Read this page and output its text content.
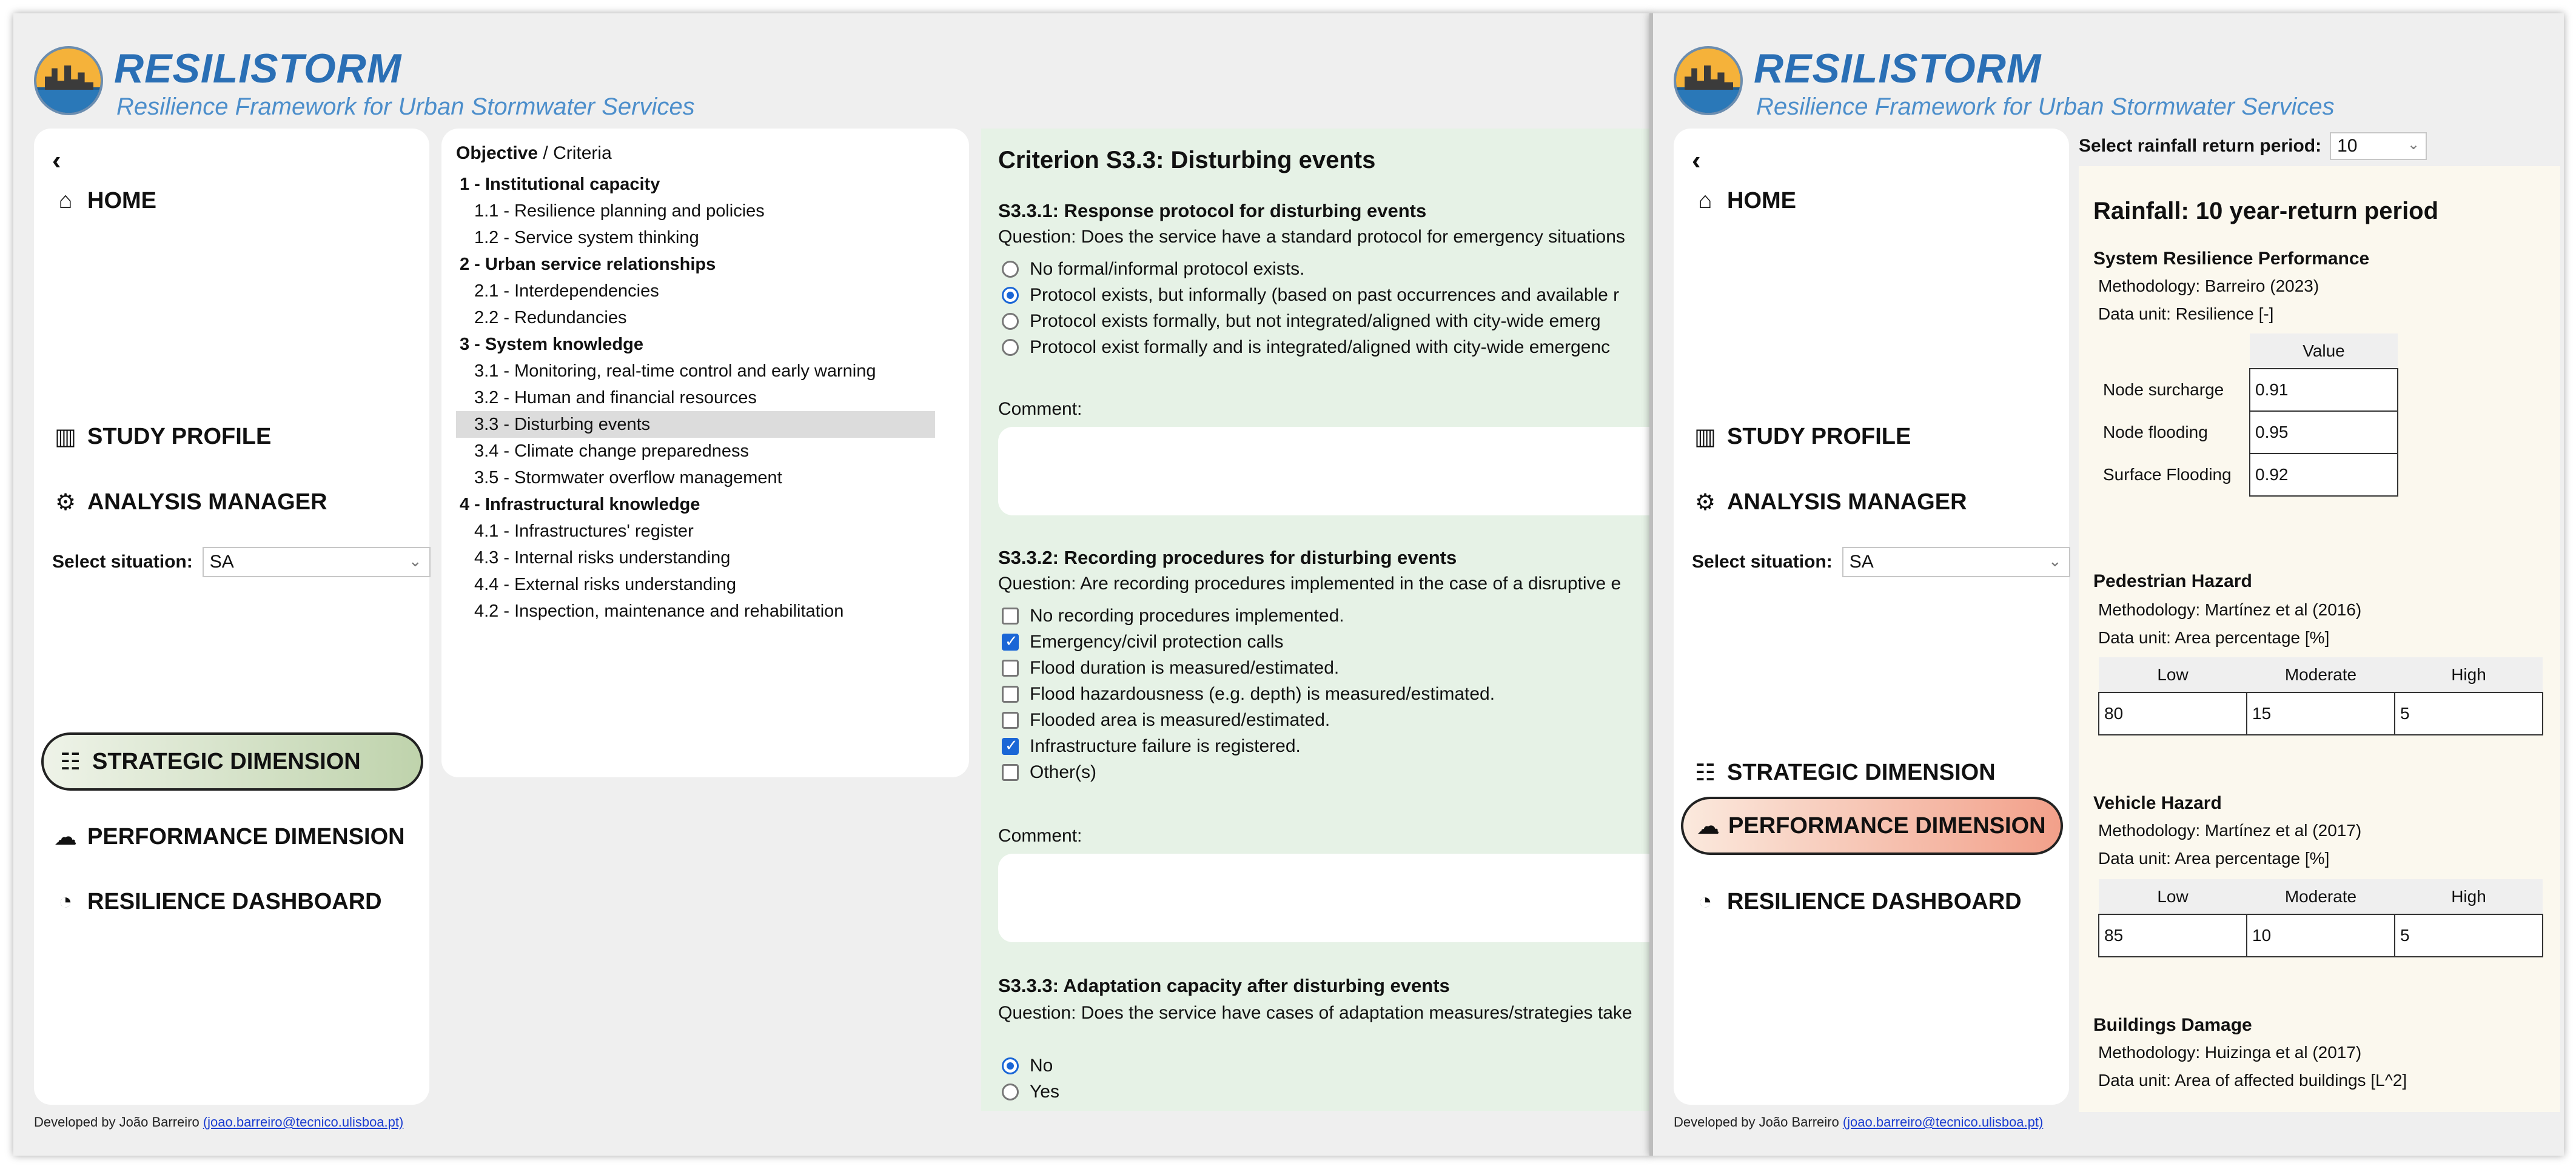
RESILISTORM
Resilience Framework for Urban Stormwater Services
‹
⌂ HOME
▥ STUDY PROFILE
⚙ ANALYSIS MANAGER
Select situation: SA	⌄
☷ STRATEGIC DIMENSION
☁ PERFORMANCE DIMENSION
◔ RESILIENCE DASHBOARD
Objective / Criteria
1 - Institutional capacity
1.1 - Resilience planning and policies
1.2 - Service system thinking
2 - Urban service relationships
2.1 - Interdependencies
2.2 - Redundancies
3 - System knowledge
3.1 - Monitoring, real-time control and early warning
3.2 - Human and financial resources
3.3 - Disturbing events
3.4 - Climate change preparedness
3.5 - Stormwater overflow management
4 - Infrastructural knowledge
4.1 - Infrastructures' register
4.3 - Internal risks understanding
4.4 - External risks understanding
4.2 - Inspection, maintenance and rehabilitation
Criterion S3.3: Disturbing events
S3.3.1: Response protocol for disturbing events
Question: Does the service have a standard protocol for emergency situations
No formal/informal protocol exists.
Protocol exists, but informally (based on past occurrences and available r
Protocol exists formally, but not integrated/aligned with city-wide emerg
Protocol exist formally and is integrated/aligned with city-wide emergenc
Comment:
S3.3.2: Recording procedures for disturbing events
Question: Are recording procedures implemented in the case of a disruptive e
No recording procedures implemented.
✓
Emergency/civil protection calls
Flood duration is measured/estimated.
Flood hazardousness (e.g. depth) is measured/estimated.
Flooded area is measured/estimated.
✓
Infrastructure failure is registered.
Other(s)
Comment:
S3.3.3: Adaptation capacity after disturbing events
Question: Does the service have cases of adaptation measures/strategies take
No
Yes
Developed by João Barreiro (joao.barreiro@tecnico.ulisboa.pt)
RESILISTORM
Resilience Framework for Urban Stormwater Services
‹
⌂ HOME
▥ STUDY PROFILE
⚙ ANALYSIS MANAGER
Select situation: SA	⌄
☷ STRATEGIC DIMENSION
☁ PERFORMANCE DIMENSION
◔ RESILIENCE DASHBOARD
Select rainfall return period: 10	⌄
Rainfall: 10 year-return period
System Resilience Performance
Methodology: Barreiro (2023)
Data unit: Resilience [-]
	Value
Node surcharge	0.91
Node flooding	0.95
Surface Flooding	0.92
Pedestrian Hazard
Methodology: Martínez et al (2016)
Data unit: Area percentage [%]
Low	Moderate	High
80	15	5
Vehicle Hazard
Methodology: Martínez et al (2017)
Data unit: Area percentage [%]
Low	Moderate	High
85	10	5
Buildings Damage
Methodology: Huizinga et al (2017)
Data unit: Area of affected buildings [L^2]
Developed by João Barreiro (joao.barreiro@tecnico.ulisboa.pt)
